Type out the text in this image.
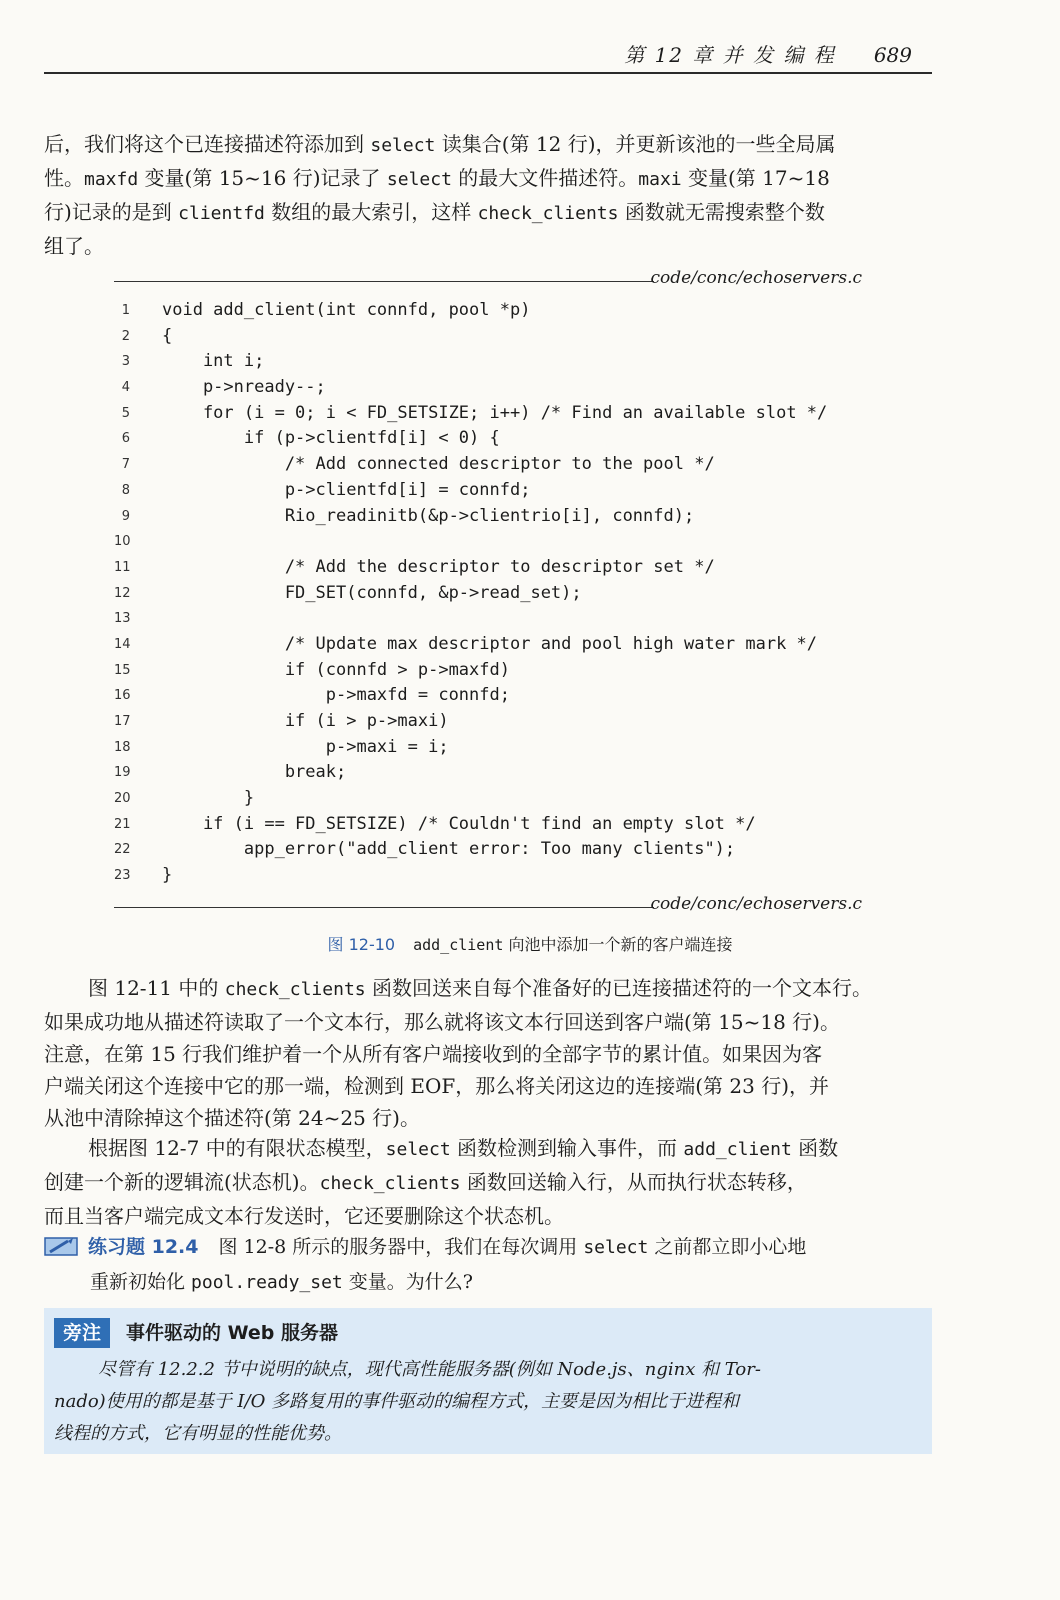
第 12 章 并 发 编 程 689
后，我们将这个已连接描述符添加到 select 读集合(第 12 行)，并更新该池的一些全局属
性。maxfd 变量(第 15~16 行)记录了 select 的最大文件描述符。maxi 变量(第 17~18
行)记录的是到 clientfd 数组的最大索引，这样 check_clients 函数就无需搜索整个数
组了。
code/conc/echoservers.c
1 void add_client(int connfd, pool *p)
2 {
3 int i;
4 p->nready--;
5 for (i = 0; i < FD_SETSIZE; i++) /* Find an available slot */
6 if (p->clientfd[i] < 0) {
7 /* Add connected descriptor to the pool */
8 p->clientfd[i] = connfd;
9 Rio_readinitb(&p->clientrio[i], connfd);
10
11 /* Add the descriptor to descriptor set */
12 FD_SET(connfd, &p->read_set);
13
14 /* Update max descriptor and pool high water mark */
15 if (connfd > p->maxfd)
16 p->maxfd = connfd;
17 if (i > p->maxi)
18 p->maxi = i;
19 break;
20 }
21 if (i == FD_SETSIZE) /* Couldn't find an empty slot */
22 app_error("add_client error: Too many clients");
23 }
code/conc/echoservers.c
图 12-10 add_client 向池中添加一个新的客户端连接
图 12-11 中的 check_clients 函数回送来自每个准备好的已连接描述符的一个文本行。
如果成功地从描述符读取了一个文本行，那么就将该文本行回送到客户端(第 15~18 行)。
注意，在第 15 行我们维护着一个从所有客户端接收到的全部字节的累计值。如果因为客
户端关闭这个连接中它的那一端，检测到 EOF，那么将关闭这边的连接端(第 23 行)，并
从池中清除掉这个描述符(第 24~25 行)。
根据图 12-7 中的有限状态模型，select 函数检测到输入事件，而 add_client 函数
创建一个新的逻辑流(状态机)。check_clients 函数回送输入行，从而执行状态转移，
而且当客户端完成文本行发送时，它还要删除这个状态机。
练习题 12.4 图 12-8 所示的服务器中，我们在每次调用 select 之前都立即小心地
重新初始化 pool.ready_set 变量。为什么?
旁注	事件驱动的 Web 服务器
尽管有 12.2.2 节中说明的缺点，现代高性能服务器(例如 Node.js、nginx 和 Tor-
nado)使用的都是基于 I/O 多路复用的事件驱动的编程方式，主要是因为相比于进程和
线程的方式，它有明显的性能优势。
